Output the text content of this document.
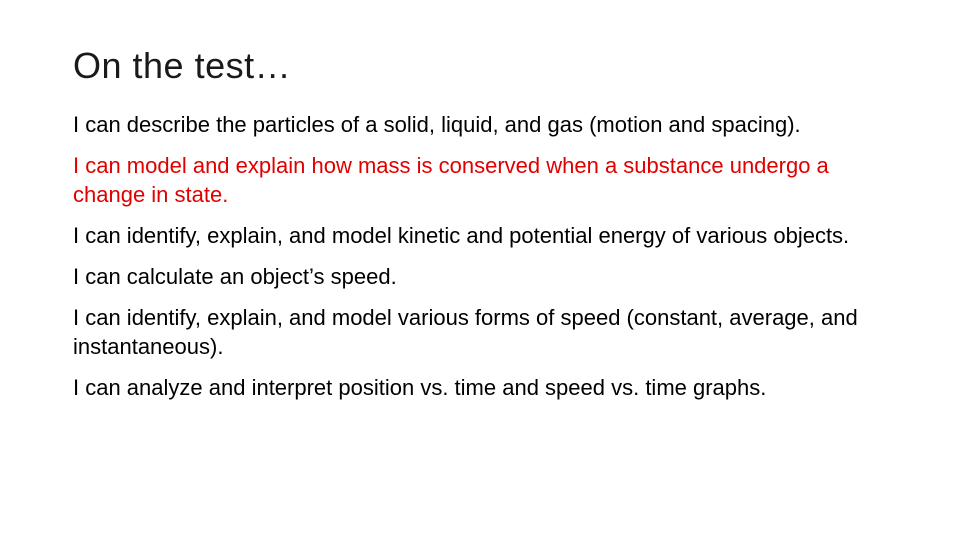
On the test…
I can describe the particles of a solid, liquid, and gas (motion and spacing).
I can model and explain how mass is conserved when a substance undergo a change in state.
I can identify, explain, and model kinetic and potential energy of various objects.
I can calculate an object’s speed.
I can identify, explain, and model various forms of speed (constant, average, and instantaneous).
I can analyze and interpret position vs. time and speed vs. time graphs.
